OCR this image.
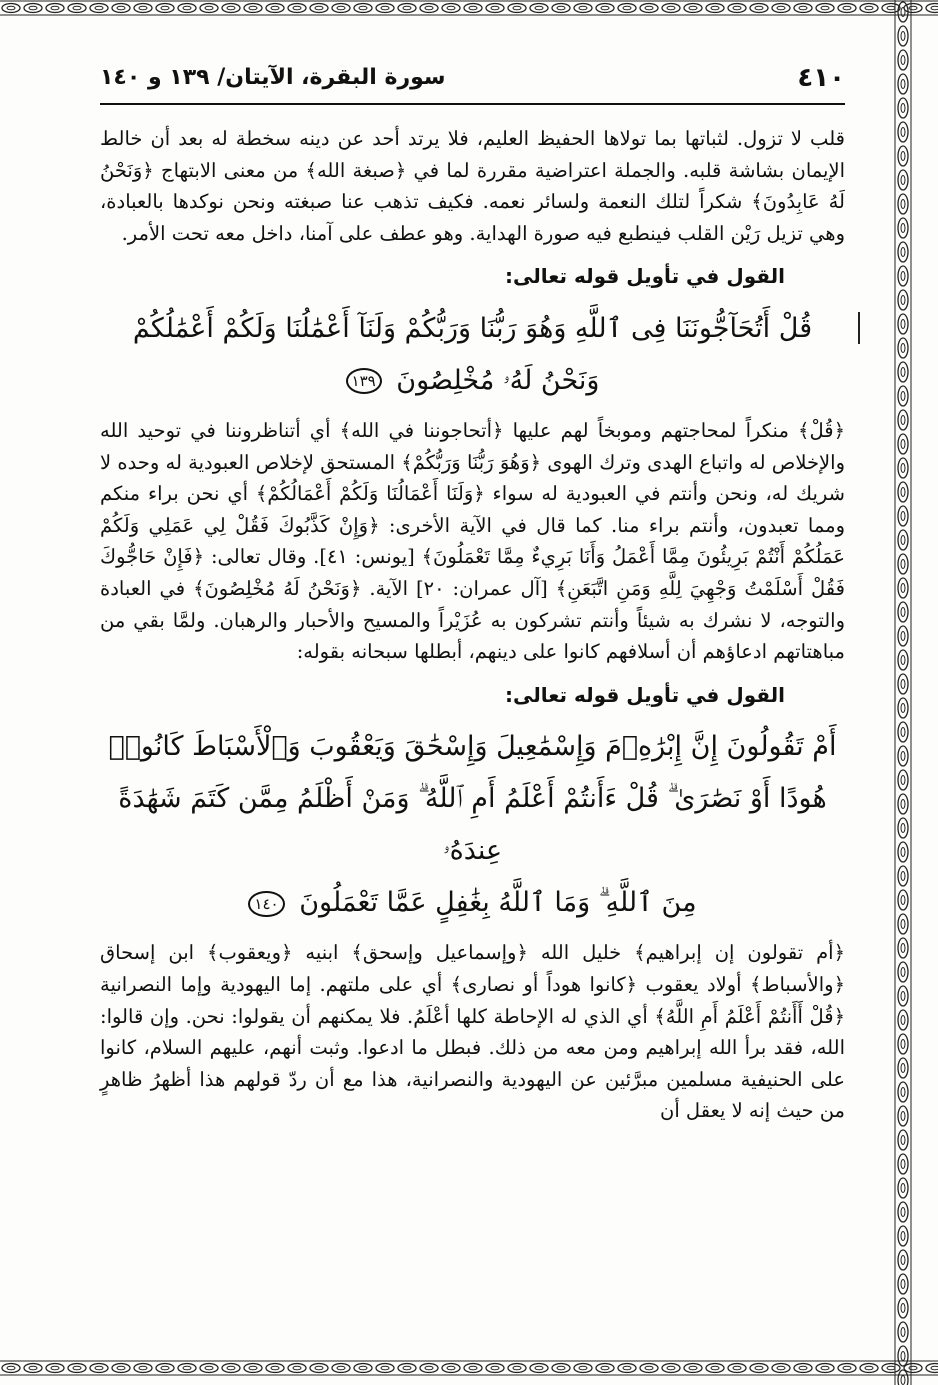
٤١٠
سورة البقرة، الآيتان/ ١٣٩ و ١٤٠

قلب لا تزول. لثباتها بما تولاها الحفيظ العليم، فلا يرتد أحد عن دينه سخطة له بعد أن خالط الإيمان بشاشة قلبه. والجملة اعتراضية مقررة لما في ﴿صبغة الله﴾ من معنى الابتهاج ﴿وَنَحْنُ لَهُ عَابِدُونَ﴾ شكراً لتلك النعمة ولسائر نعمه. فكيف تذهب عنا صبغته ونحن نوكدها بالعبادة، وهي تزيل رَيْن القلب فينطبع فيه صورة الهداية. وهو عطف على آمنا، داخل معه تحت الأمر.

القول في تأويل قوله تعالى:
قُلْ أَتُحَآجُّونَنَا فِى ٱللَّهِ وَهُوَ رَبُّنَا وَرَبُّكُمْ وَلَنَآ أَعْمَٰلُنَا وَلَكُمْ أَعْمَٰلُكُمْ
وَنَحْنُ لَهُۥ مُخْلِصُونَ ١٣٩

﴿قُلْ﴾ منكراً لمحاجتهم وموبخاً لهم عليها ﴿أتحاجوننا في الله﴾ أي أتناظروننا في توحيد الله والإخلاص له واتباع الهدى وترك الهوى ﴿وَهُوَ رَبُّنَا وَرَبُّكُمْ﴾ المستحق لإخلاص العبودية له وحده لا شريك له، ونحن وأنتم في العبودية له سواء ﴿وَلَنَا أَعْمَالُنَا وَلَكُمْ أَعْمَالُكُمْ﴾ أي نحن براء منكم ومما تعبدون، وأنتم براء منا. كما قال في الآية الأخرى: ﴿وَإِنْ كَذَّبُوكَ فَقُلْ لِي عَمَلِي وَلَكُمْ عَمَلُكُمْ أَنْتُمْ بَرِيئُونَ مِمَّا أَعْمَلُ وَأَنَا بَرِيءٌ مِمَّا تَعْمَلُونَ﴾ [يونس: ٤١]. وقال تعالى: ﴿فَإِنْ حَاجُّوكَ فَقُلْ أَسْلَمْتُ وَجْهِيَ لِلَّهِ وَمَنِ اتَّبَعَنِ﴾ [آل عمران: ٢٠] الآية. ﴿وَنَحْنُ لَهُ مُخْلِصُونَ﴾ في العبادة والتوجه، لا نشرك به شيئاً وأنتم تشركون به عُزَيْراً والمسيح والأحبار والرهبان. ولمَّا بقي من مباهتاتهم ادعاؤهم أن أسلافهم كانوا على دينهم، أبطلها سبحانه بقوله:

القول في تأويل قوله تعالى:
أَمْ تَقُولُونَ إِنَّ إِبْرَٰهِۦمَ وَإِسْمَٰعِيلَ وَإِسْحَٰقَ وَيَعْقُوبَ وَٱلْأَسْبَاطَ كَانُوا۟
هُودًا أَوْ نَصَٰرَىٰ ۗ قُلْ ءَأَنتُمْ أَعْلَمُ أَمِ ٱللَّهُ ۗ وَمَنْ أَظْلَمُ مِمَّن كَتَمَ شَهَٰدَةً عِندَهُۥ
مِنَ ٱللَّهِ ۗ وَمَا ٱللَّهُ بِغَٰفِلٍ عَمَّا تَعْمَلُونَ ١٤٠

﴿أم تقولون إن إبراهيم﴾ خليل الله ﴿وإسماعيل وإسحق﴾ ابنيه ﴿ويعقوب﴾ ابن إسحاق ﴿والأسباط﴾ أولاد يعقوب ﴿كانوا هوداً أو نصارى﴾ أي على ملتهم. إما اليهودية وإما النصرانية ﴿قُلْ أَأَنتُمْ أَعْلَمُ أَمِ اللَّهُ﴾ أي الذي له الإحاطة كلها أعْلَمُ. فلا يمكنهم أن يقولوا: نحن. وإن قالوا: الله، فقد برأ الله إبراهيم ومن معه من ذلك. فبطل ما ادعوا. وثبت أنهم، عليهم السلام، كانوا على الحنيفية مسلمين مبرَّئين عن اليهودية والنصرانية، هذا مع أن ردّ قولهم هذا أظهرُ ظاهرٍ من حيث إنه لا يعقل أن
